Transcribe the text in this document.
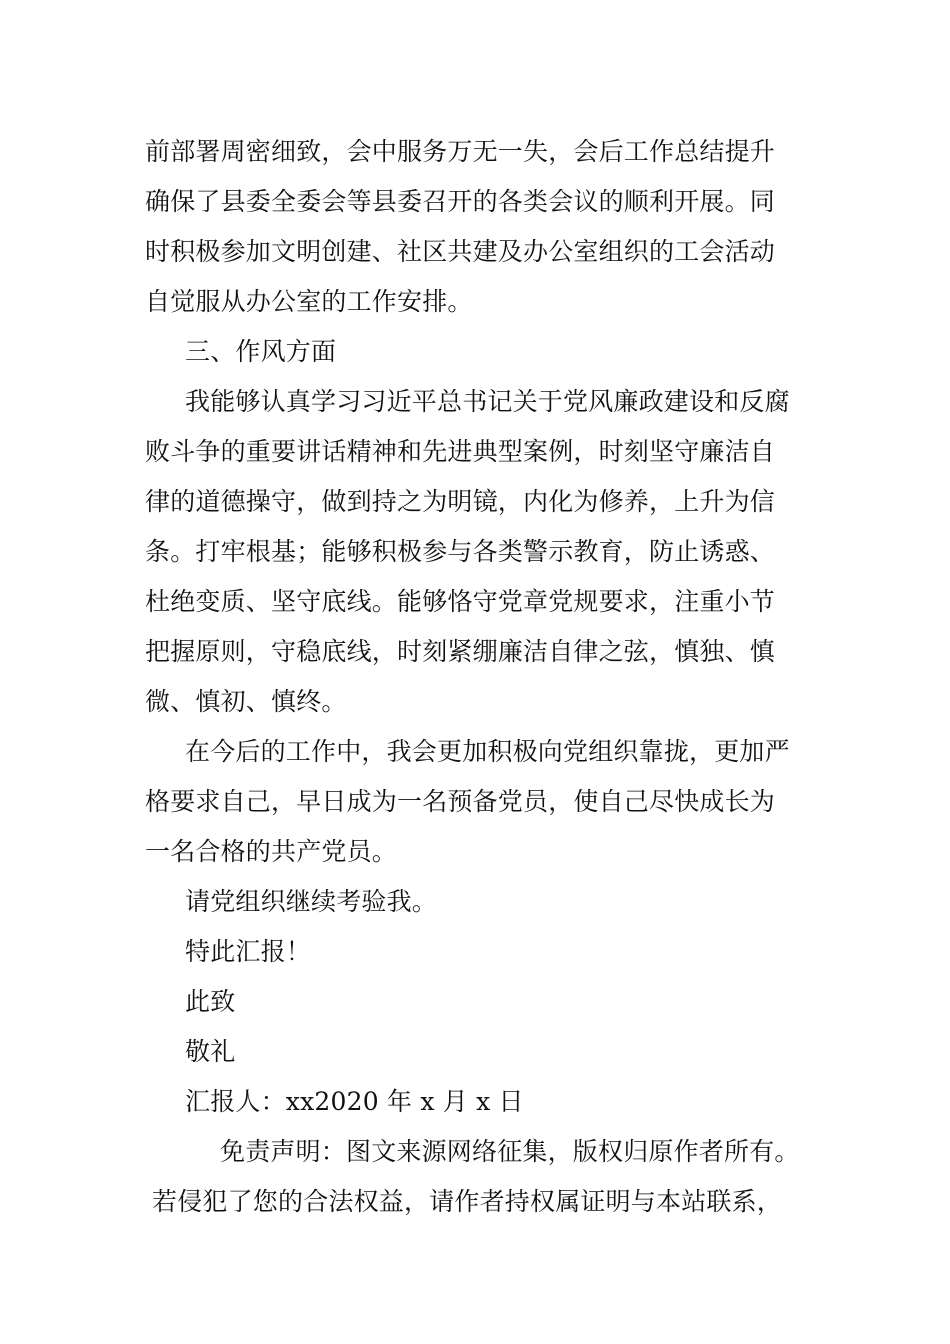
前部署周密细致，会中服务万无一失，会后工作总结提升
确保了县委全委会等县委召开的各类会议的顺利开展。同
时积极参加文明创建、社区共建及办公室组织的工会活动
自觉服从办公室的工作安排。
三、作风方面
我能够认真学习习近平总书记关于党风廉政建设和反腐
败斗争的重要讲话精神和先进典型案例，时刻坚守廉洁自
律的道德操守，做到持之为明镜，内化为修养，上升为信
条。打牢根基；能够积极参与各类警示教育，防止诱惑、
杜绝变质、坚守底线。能够恪守党章党规要求，注重小节
把握原则，守稳底线，时刻紧绷廉洁自律之弦，慎独、慎
微、慎初、慎终。
在今后的工作中，我会更加积极向党组织靠拢，更加严
格要求自己，早日成为一名预备党员，使自己尽快成长为
一名合格的共产党员。
请党组织继续考验我。
特此汇报！
此致
敬礼
汇报人：xx2020 年 x 月 x 日
免责声明：图文来源网络征集，版权归原作者所有。
若侵犯了您的合法权益，请作者持权属证明与本站联系，
